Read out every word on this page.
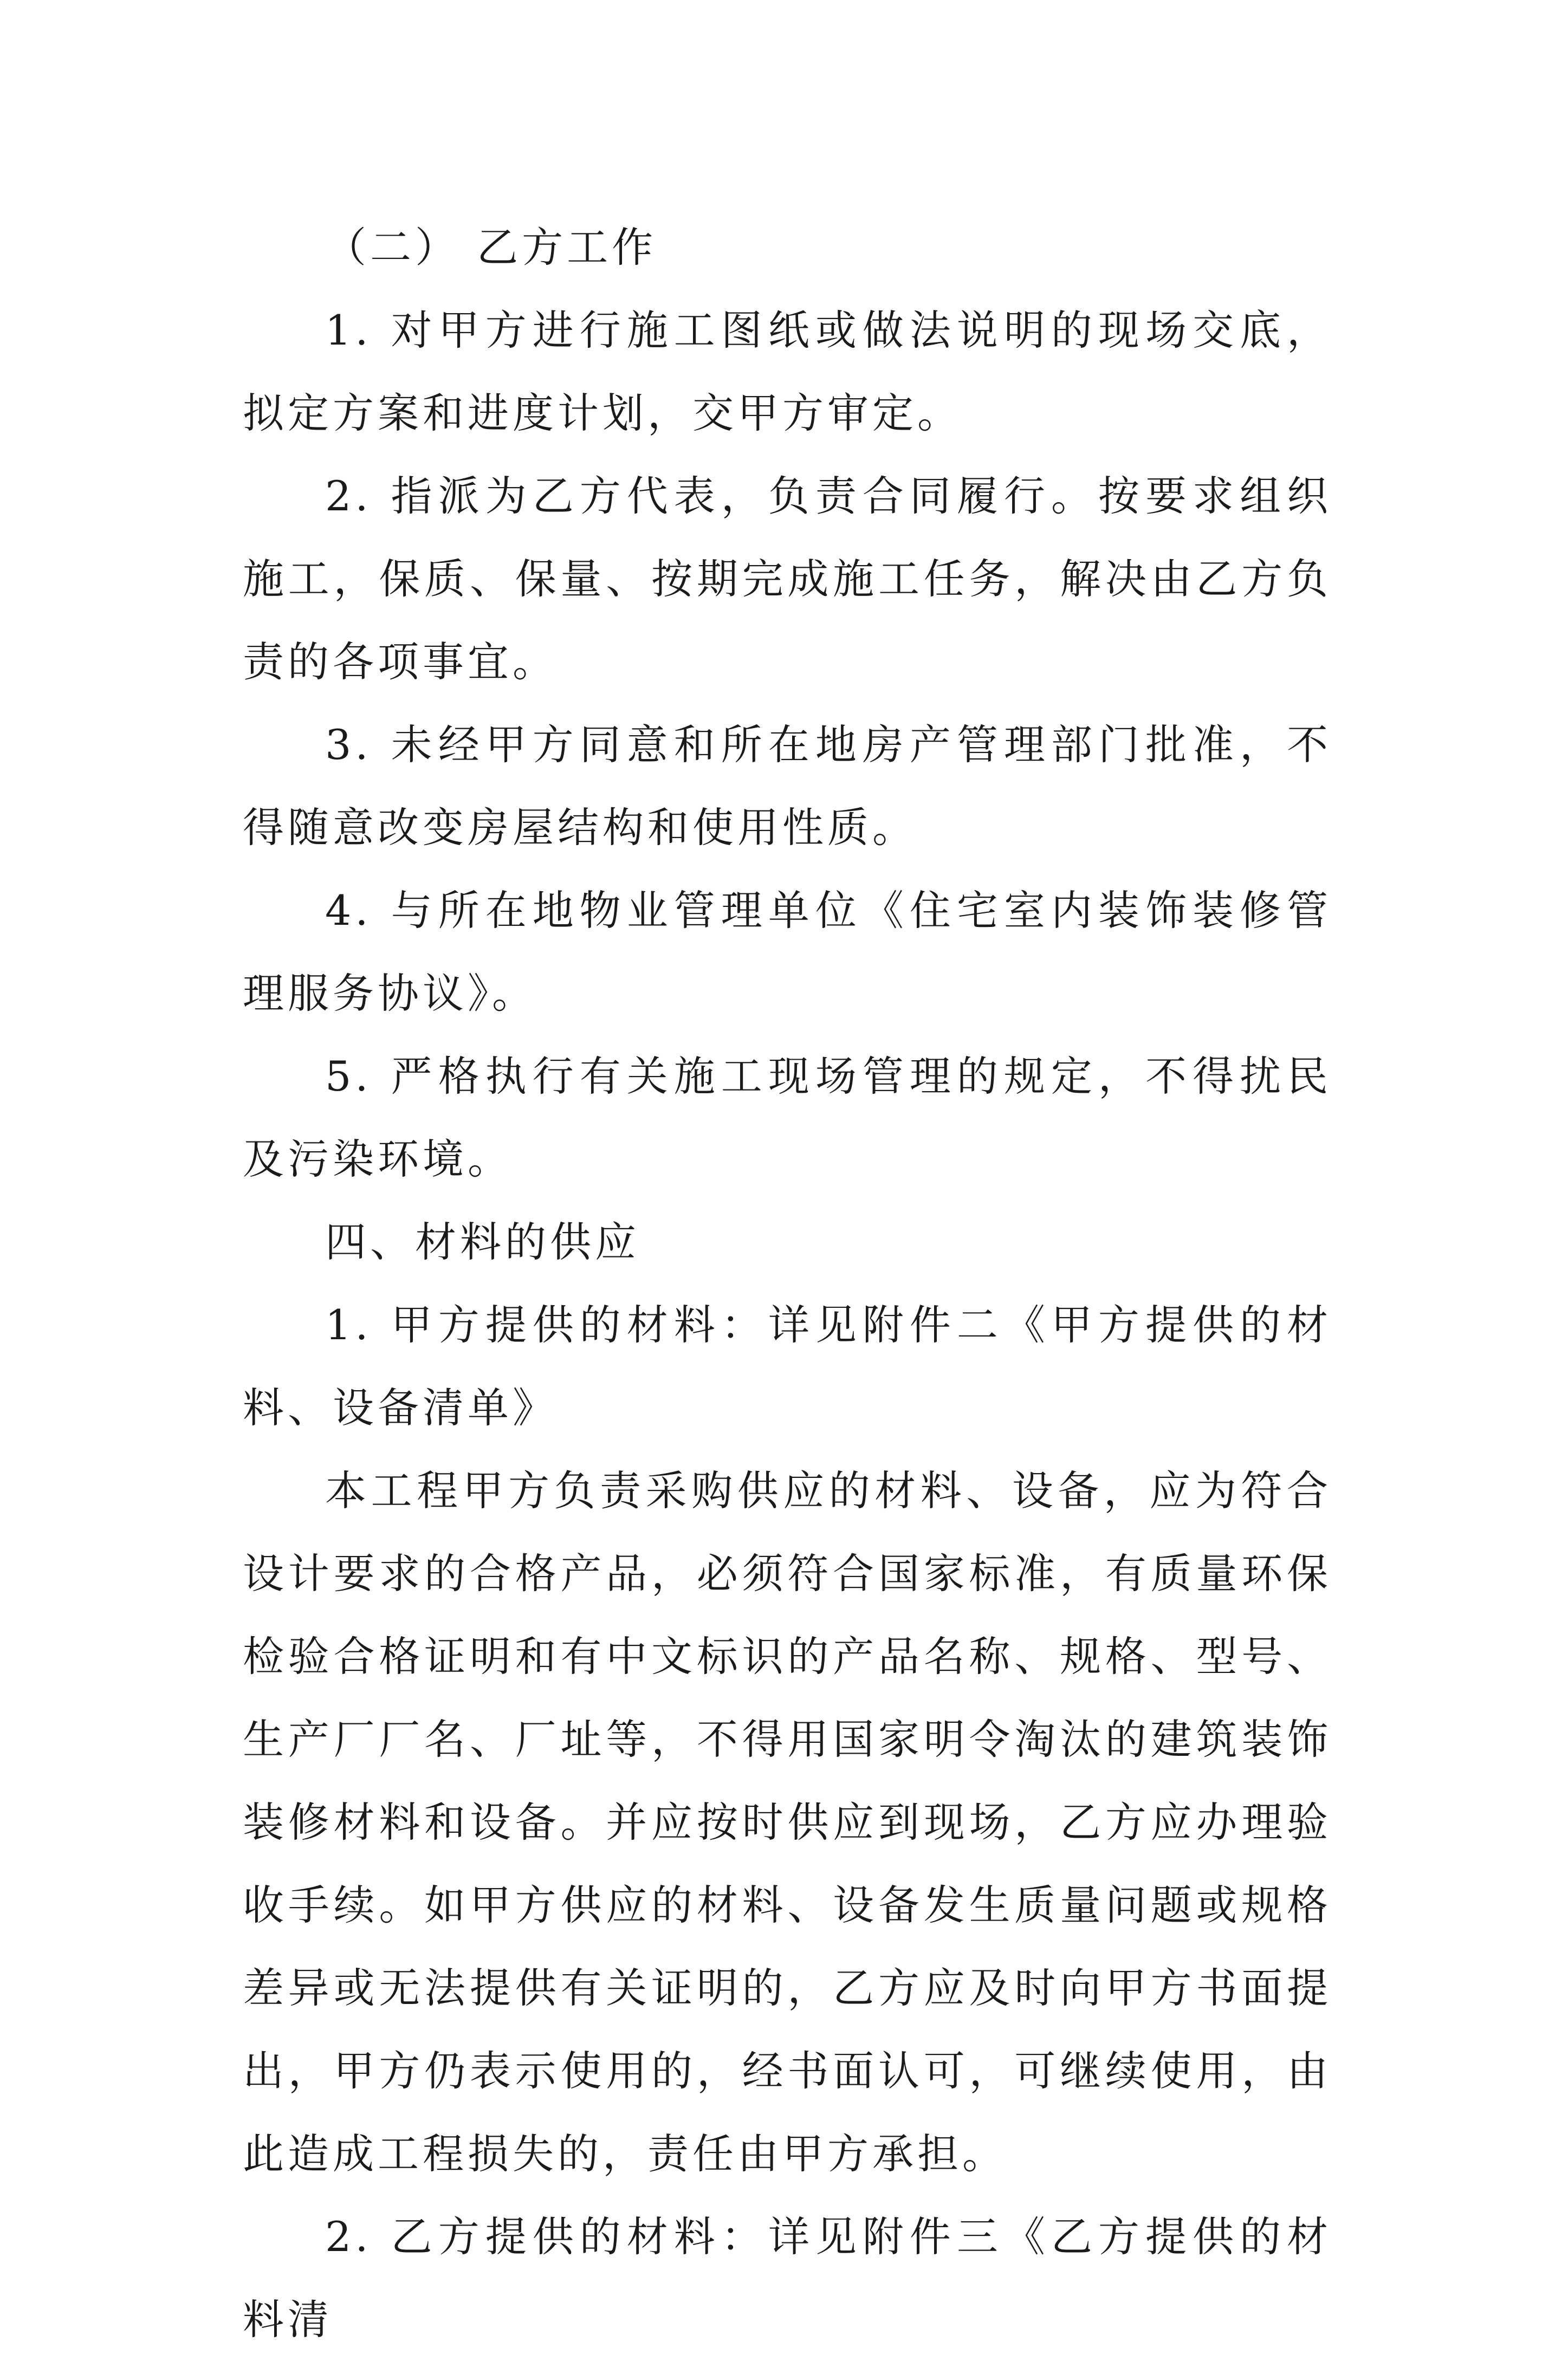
（二） 乙方工作

1. 对甲方进行施工图纸或做法说明的现场交底，拟定方案和进度计划，交甲方审定。

2. 指派为乙方代表，负责合同履行。按要求组织施工，保质、保量、按期完成施工任务，解决由乙方负责的各项事宜。

3. 未经甲方同意和所在地房产管理部门批准，不得随意改变房屋结构和使用性质。

4. 与所在地物业管理单位《住宅室内装饰装修管理服务协议》。

5. 严格执行有关施工现场管理的规定，不得扰民及污染环境。

四、材料的供应

1. 甲方提供的材料：详见附件二《甲方提供的材料、设备清单》

本工程甲方负责采购供应的材料、设备，应为符合设计要求的合格产品，必须符合国家标准，有质量环保检验合格证明和有中文标识的产品名称、规格、型号、生产厂厂名、厂址等，不得用国家明令淘汰的建筑装饰装修材料和设备。并应按时供应到现场，乙方应办理验收手续。如甲方供应的材料、设备发生质量问题或规格差异或无法提供有关证明的，乙方应及时向甲方书面提出，甲方仍表示使用的，经书面认可，可继续使用，由此造成工程损失的，责任由甲方承担。

2. 乙方提供的材料：详见附件三《乙方提供的材料清
